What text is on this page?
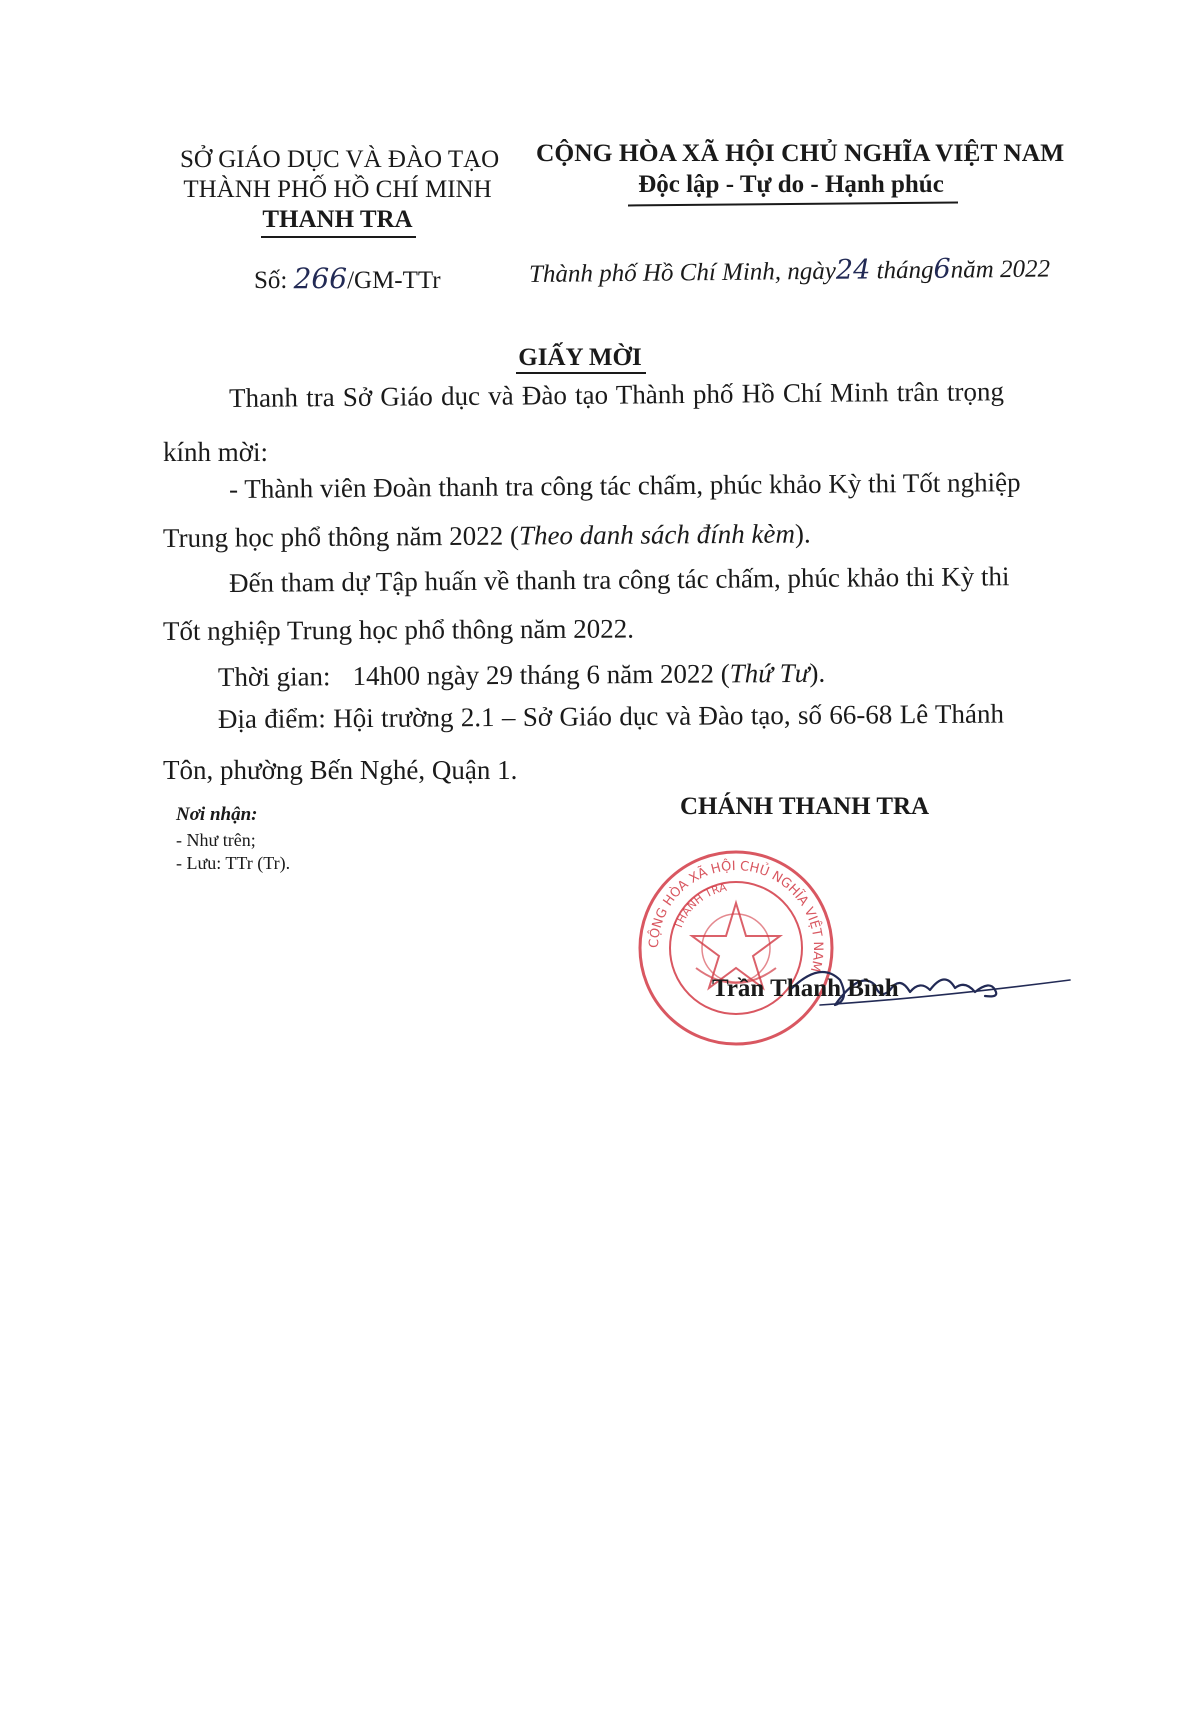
SỞ GIÁO DỤC VÀ ĐÀO TẠO
THÀNH PHỐ HỒ CHÍ MINH
THANH TRA
CỘNG HÒA XÃ HỘI CHỦ NGHĨA VIỆT NAM
Độc lập - Tự do - Hạnh phúc
Số: 266/GM-TTr	Thành phố Hồ Chí Minh, ngày24 tháng6năm 2022
GIẤY MỜI
Thanh tra Sở Giáo dục và Đào tạo Thành phố Hồ Chí Minh trân trọng
kính mời:
- Thành viên Đoàn thanh tra công tác chấm, phúc khảo Kỳ thi Tốt nghiệp
Trung học phổ thông năm 2022 (Theo danh sách đính kèm).
Đến tham dự Tập huấn về thanh tra công tác chấm, phúc khảo thi Kỳ thi
Tốt nghiệp Trung học phổ thông năm 2022.
Thời gian: 14h00 ngày 29 tháng 6 năm 2022 (Thứ Tư).
Địa điểm: Hội trường 2.1 – Sở Giáo dục và Đào tạo, số 66-68 Lê Thánh
Tôn, phường Bến Nghé, Quận 1.
Nơi nhận:
- Như trên;
- Lưu: TTr (Tr).
CỘNG HÒA XÃ HỘI CHỦ NGHĨA VIỆT NAM
THANH TRA
CHÁNH THANH TRA
Trần Thanh Bình
